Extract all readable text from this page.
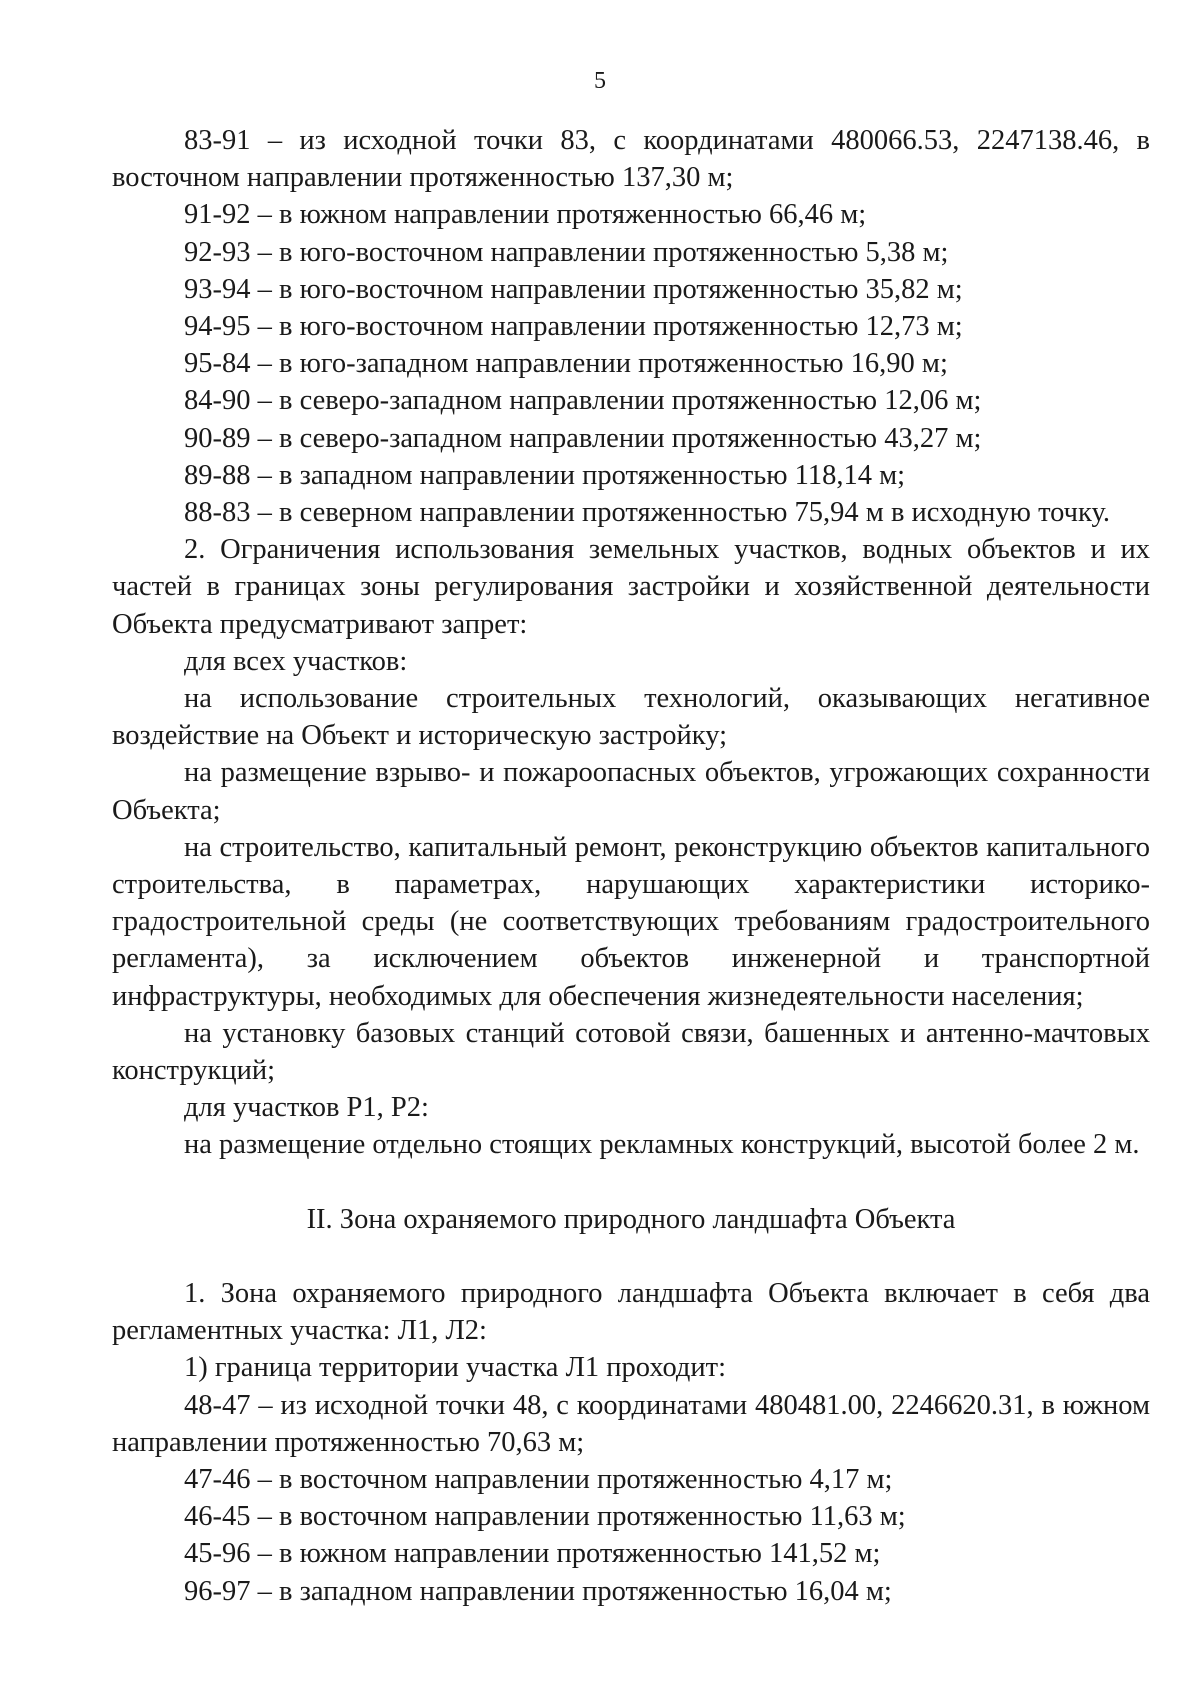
5

83-91 – из исходной точки 83, с координатами 480066.53, 2247138.46, в восточном направлении протяженностью 137,30 м;

91-92 – в южном направлении протяженностью 66,46 м;

92-93 – в юго-восточном направлении протяженностью 5,38 м;

93-94 – в юго-восточном направлении протяженностью 35,82 м;

94-95 – в юго-восточном направлении протяженностью 12,73 м;

95-84 – в юго-западном направлении протяженностью 16,90 м;

84-90 – в северо-западном направлении протяженностью 12,06 м;

90-89 – в северо-западном направлении протяженностью 43,27 м;

89-88 – в западном направлении протяженностью 118,14 м;

88-83 – в северном направлении протяженностью 75,94 м в исходную точку.

2. Ограничения использования земельных участков, водных объектов и их частей в границах зоны регулирования застройки и хозяйственной деятельности Объекта предусматривают запрет:

для всех участков:

на использование строительных технологий, оказывающих негативное воздействие на Объект и историческую застройку;

на размещение взрыво- и пожароопасных объектов, угрожающих сохранности Объекта;

на строительство, капитальный ремонт, реконструкцию объектов капитального строительства, в параметрах, нарушающих характеристики историко-градостроительной среды (не соответствующих требованиям градостроительного регламента), за исключением объектов инженерной и транспортной инфраструктуры, необходимых для обеспечения жизнедеятельности населения;

на установку базовых станций сотовой связи, башенных и антенно-мачтовых конструкций;

для участков Р1, Р2:

на размещение отдельно стоящих рекламных конструкций, высотой более 2 м.

II. Зона охраняемого природного ландшафта Объекта

1. Зона охраняемого природного ландшафта Объекта включает в себя два регламентных участка: Л1, Л2:

1) граница территории участка Л1 проходит:

48-47 – из исходной точки 48, с координатами 480481.00, 2246620.31, в южном направлении протяженностью 70,63 м;

47-46 – в восточном направлении протяженностью 4,17 м;

46-45 – в восточном направлении протяженностью 11,63 м;

45-96 – в южном направлении протяженностью 141,52 м;

96-97 – в западном направлении протяженностью 16,04 м;
